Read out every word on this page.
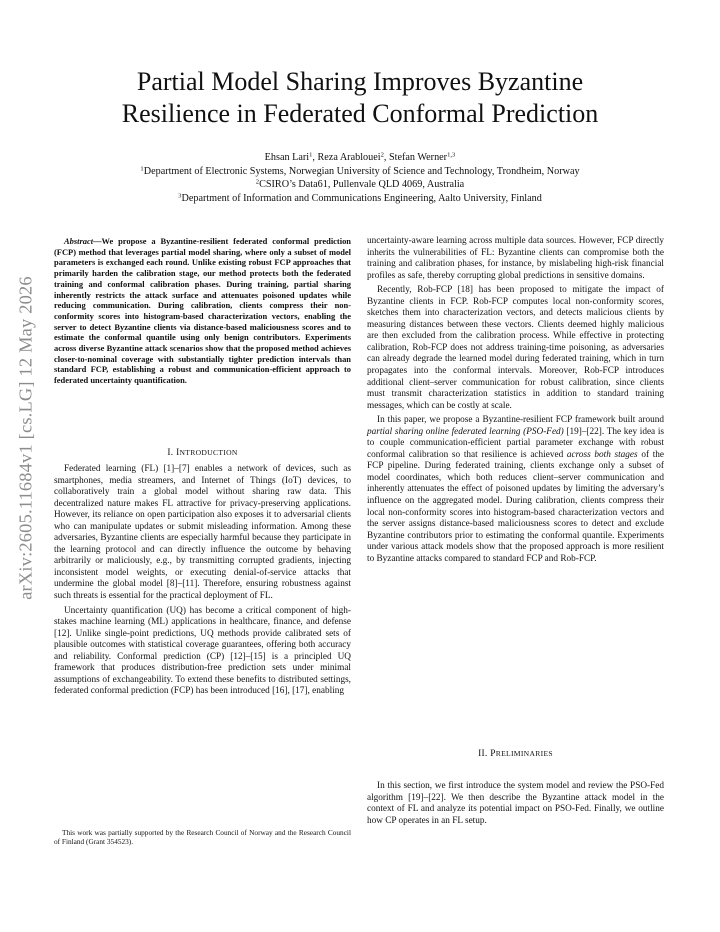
arXiv:2605.11684v1 [cs.LG] 12 May 2026
Partial Model Sharing Improves Byzantine
Resilience in Federated Conformal Prediction
Ehsan Lari$^1$, Reza Arablouei$^2$, Stefan Werner$^{1,3}$
$^1$Department of Electronic Systems, Norwegian University of Science and Technology, Trondheim, Norway
$^2$CSIRO’s Data61, Pullenvale QLD 4069, Australia
$^3$Department of Information and Communications Engineering, Aalto University, Finland
Abstract—We propose a Byzantine-resilient federated conformal prediction (FCP) method that leverages partial model sharing, where only a subset of model parameters is exchanged each round. Unlike existing robust FCP approaches that primarily harden the calibration stage, our method protects both the federated training and conformal calibration phases. During training, partial sharing inherently restricts the attack surface and attenuates poisoned updates while reducing communication. During calibration, clients compress their non-conformity scores into histogram-based characterization vectors, enabling the server to detect Byzantine clients via distance-based maliciousness scores and to estimate the conformal quantile using only benign contributors. Experiments across diverse Byzantine attack scenarios show that the proposed method achieves closer-to-nominal coverage with substantially tighter prediction intervals than standard FCP, establishing a robust and communication-efficient approach to federated uncertainty quantification.
I. INTRODUCTION

Federated learning (FL) [1]–[7] enables a network of devices, such as smartphones, media streamers, and Internet of Things (IoT) devices, to collaboratively train a global model without sharing raw data. This decentralized nature makes FL attractive for privacy-preserving applications. However, its reliance on open participation also exposes it to adversarial clients who can manipulate updates or submit misleading information. Among these adversaries, Byzantine clients are especially harmful because they participate in the learning protocol and can directly influence the outcome by behaving arbitrarily or maliciously, e.g., by transmitting corrupted gradients, injecting inconsistent model weights, or executing denial-of-service attacks that undermine the global model [8]–[11]. Therefore, ensuring robustness against such threats is essential for the practical deployment of FL.

Uncertainty quantification (UQ) has become a critical component of high-stakes machine learning (ML) applications in healthcare, finance, and defense [12]. Unlike single-point predictions, UQ methods provide calibrated sets of plausible outcomes with statistical coverage guarantees, offering both accuracy and reliability. Conformal prediction (CP) [12]–[15] is a principled UQ framework that produces distribution-free prediction sets under minimal assumptions of exchangeability. To extend these benefits to distributed settings, federated conformal prediction (FCP) has been introduced [16], [17], enabling

This work was partially supported by the Research Council of Norway and the Research Council of Finland (Grant 354523).

uncertainty-aware learning across multiple data sources. However, FCP directly inherits the vulnerabilities of FL: Byzantine clients can compromise both the training and calibration phases, for instance, by mislabeling high-risk financial profiles as safe, thereby corrupting global predictions in sensitive domains.

Recently, Rob-FCP [18] has been proposed to mitigate the impact of Byzantine clients in FCP. Rob-FCP computes local non-conformity scores, sketches them into characterization vectors, and detects malicious clients by measuring distances between these vectors. Clients deemed highly malicious are then excluded from the calibration process. While effective in protecting calibration, Rob-FCP does not address training-time poisoning, as adversaries can already degrade the learned model during federated training, which in turn propagates into the conformal intervals. Moreover, Rob-FCP introduces additional client–server communication for robust calibration, since clients must transmit characterization statistics in addition to standard training messages, which can be costly at scale.

In this paper, we propose a Byzantine-resilient FCP framework built around partial sharing online federated learning (PSO-Fed) [19]–[22]. The key idea is to couple communication-efficient partial parameter exchange with robust conformal calibration so that resilience is achieved across both stages of the FCP pipeline. During federated training, clients exchange only a subset of model coordinates, which both reduces client–server communication and inherently attenuates the effect of poisoned updates by limiting the adversary’s influence on the aggregated model. During calibration, clients compress their local non-conformity scores into histogram-based characterization vectors and the server assigns distance-based maliciousness scores to detect and exclude Byzantine contributors prior to estimating the conformal quantile. Experiments under various attack models show that the proposed approach is more resilient to Byzantine attacks compared to standard FCP and Rob-FCP.

II. PRELIMINARIES

In this section, we first introduce the system model and review the PSO-Fed algorithm [19]–[22]. We then describe the Byzantine attack model in the context of FL and analyze its potential impact on PSO-Fed. Finally, we outline how CP operates in an FL setup.
